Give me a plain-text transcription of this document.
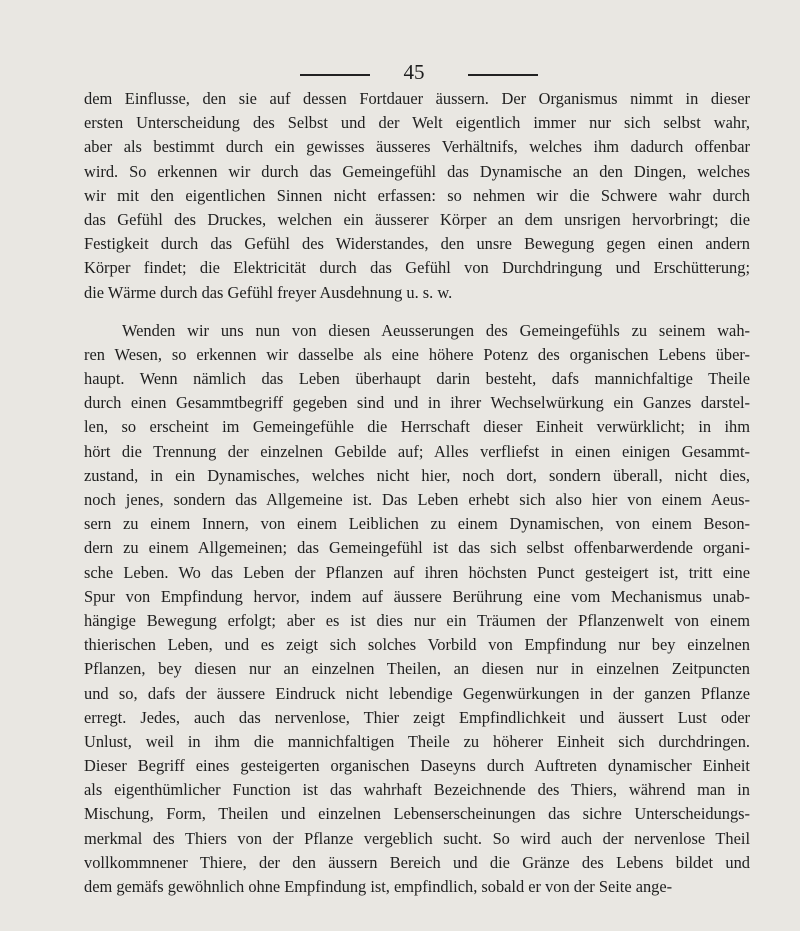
45

dem Einflusse, den sie auf dessen Fortdauer äussern. Der Organismus nimmt in dieser
ersten Unterscheidung des Selbst und der Welt eigentlich immer nur sich selbst wahr,
aber als bestimmt durch ein gewisses äusseres Verhältnifs, welches ihm dadurch offenbar
wird. So erkennen wir durch das Gemeingefühl das Dynamische an den Dingen, welches
wir mit den eigentlichen Sinnen nicht erfassen: so nehmen wir die Schwere wahr durch
das Gefühl des Druckes, welchen ein äusserer Körper an dem unsrigen hervorbringt; die
Festigkeit durch das Gefühl des Widerstandes, den unsre Bewegung gegen einen andern
Körper findet; die Elektricität durch das Gefühl von Durchdringung und Erschütterung;
die Wärme durch das Gefühl freyer Ausdehnung u. s. w.
Wenden wir uns nun von diesen Aeusserungen des Gemeingefühls zu seinem wah-
ren Wesen, so erkennen wir dasselbe als eine höhere Potenz des organischen Lebens über-
haupt. Wenn nämlich das Leben überhaupt darin besteht, dafs mannichfaltige Theile
durch einen Gesammtbegriff gegeben sind und in ihrer Wechselwürkung ein Ganzes darstel-
len, so erscheint im Gemeingefühle die Herrschaft dieser Einheit verwürklicht; in ihm
hört die Trennung der einzelnen Gebilde auf; Alles verfliefst in einen einigen Gesammt-
zustand, in ein Dynamisches, welches nicht hier, noch dort, sondern überall, nicht dies,
noch jenes, sondern das Allgemeine ist. Das Leben erhebt sich also hier von einem Aeus-
sern zu einem Innern, von einem Leiblichen zu einem Dynamischen, von einem Beson-
dern zu einem Allgemeinen; das Gemeingefühl ist das sich selbst offenbarwerdende organi-
sche Leben. Wo das Leben der Pflanzen auf ihren höchsten Punct gesteigert ist, tritt eine
Spur von Empfindung hervor, indem auf äussere Berührung eine vom Mechanismus unab-
hängige Bewegung erfolgt; aber es ist dies nur ein Träumen der Pflanzenwelt von einem
thierischen Leben, und es zeigt sich solches Vorbild von Empfindung nur bey einzelnen
Pflanzen, bey diesen nur an einzelnen Theilen, an diesen nur in einzelnen Zeitpuncten
und so, dafs der äussere Eindruck nicht lebendige Gegenwürkungen in der ganzen Pflanze
erregt. Jedes, auch das nervenlose, Thier zeigt Empfindlichkeit und äussert Lust oder
Unlust, weil in ihm die mannichfaltigen Theile zu höherer Einheit sich durchdringen.
Dieser Begriff eines gesteigerten organischen Daseyns durch Auftreten dynamischer Einheit
als eigenthümlicher Function ist das wahrhaft Bezeichnende des Thiers, während man in
Mischung, Form, Theilen und einzelnen Lebenserscheinungen das sichre Unterscheidungs-
merkmal des Thiers von der Pflanze vergeblich sucht. So wird auch der nervenlose Theil
vollkommnener Thiere, der den äussern Bereich und die Gränze des Lebens bildet und
dem gemäfs gewöhnlich ohne Empfindung ist, empfindlich, sobald er von der Seite ange-
